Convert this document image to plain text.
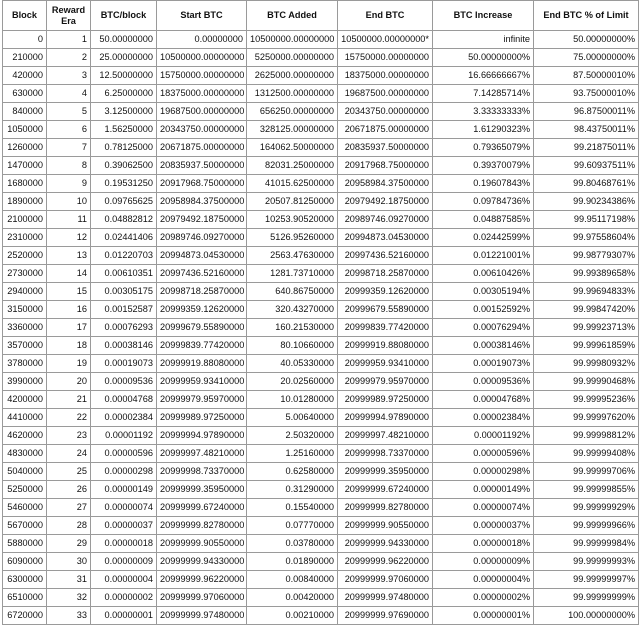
Block	Reward Era	BTC/block	Start BTC	BTC Added	End BTC	BTC Increase	End BTC % of Limit
0	1	50.00000000	0.00000000	10500000.00000000	10500000.00000000*	infinite	50.00000000%
210000	2	25.00000000	10500000.00000000	5250000.00000000	15750000.00000000	50.00000000%	75.00000000%
420000	3	12.50000000	15750000.00000000	2625000.00000000	18375000.00000000	16.66666667%	87.50000010%
630000	4	6.25000000	18375000.00000000	1312500.00000000	19687500.00000000	7.14285714%	93.75000010%
840000	5	3.12500000	19687500.00000000	656250.00000000	20343750.00000000	3.33333333%	96.87500011%
1050000	6	1.56250000	20343750.00000000	328125.00000000	20671875.00000000	1.61290323%	98.43750011%
1260000	7	0.78125000	20671875.00000000	164062.50000000	20835937.50000000	0.79365079%	99.21875011%
1470000	8	0.39062500	20835937.50000000	82031.25000000	20917968.75000000	0.39370079%	99.60937511%
1680000	9	0.19531250	20917968.75000000	41015.62500000	20958984.37500000	0.19607843%	99.80468761%
1890000	10	0.09765625	20958984.37500000	20507.81250000	20979492.18750000	0.09784736%	99.90234386%
2100000	11	0.04882812	20979492.18750000	10253.90520000	20989746.09270000	0.04887585%	99.95117198%
2310000	12	0.02441406	20989746.09270000	5126.95260000	20994873.04530000	0.02442599%	99.97558604%
2520000	13	0.01220703	20994873.04530000	2563.47630000	20997436.52160000	0.01221001%	99.98779307%
2730000	14	0.00610351	20997436.52160000	1281.73710000	20998718.25870000	0.00610426%	99.99389658%
2940000	15	0.00305175	20998718.25870000	640.86750000	20999359.12620000	0.00305194%	99.99694833%
3150000	16	0.00152587	20999359.12620000	320.43270000	20999679.55890000	0.00152592%	99.99847420%
3360000	17	0.00076293	20999679.55890000	160.21530000	20999839.77420000	0.00076294%	99.99923713%
3570000	18	0.00038146	20999839.77420000	80.10660000	20999919.88080000	0.00038146%	99.99961859%
3780000	19	0.00019073	20999919.88080000	40.05330000	20999959.93410000	0.00019073%	99.99980932%
3990000	20	0.00009536	20999959.93410000	20.02560000	20999979.95970000	0.00009536%	99.99990468%
4200000	21	0.00004768	20999979.95970000	10.01280000	20999989.97250000	0.00004768%	99.99995236%
4410000	22	0.00002384	20999989.97250000	5.00640000	20999994.97890000	0.00002384%	99.99997620%
4620000	23	0.00001192	20999994.97890000	2.50320000	20999997.48210000	0.00001192%	99.99998812%
4830000	24	0.00000596	20999997.48210000	1.25160000	20999998.73370000	0.00000596%	99.99999408%
5040000	25	0.00000298	20999998.73370000	0.62580000	20999999.35950000	0.00000298%	99.99999706%
5250000	26	0.00000149	20999999.35950000	0.31290000	20999999.67240000	0.00000149%	99.99999855%
5460000	27	0.00000074	20999999.67240000	0.15540000	20999999.82780000	0.00000074%	99.99999929%
5670000	28	0.00000037	20999999.82780000	0.07770000	20999999.90550000	0.00000037%	99.99999966%
5880000	29	0.00000018	20999999.90550000	0.03780000	20999999.94330000	0.00000018%	99.99999984%
6090000	30	0.00000009	20999999.94330000	0.01890000	20999999.96220000	0.00000009%	99.99999993%
6300000	31	0.00000004	20999999.96220000	0.00840000	20999999.97060000	0.00000004%	99.99999997%
6510000	32	0.00000002	20999999.97060000	0.00420000	20999999.97480000	0.00000002%	99.99999999%
6720000	33	0.00000001	20999999.97480000	0.00210000	20999999.97690000	0.00000001%	100.00000000%
